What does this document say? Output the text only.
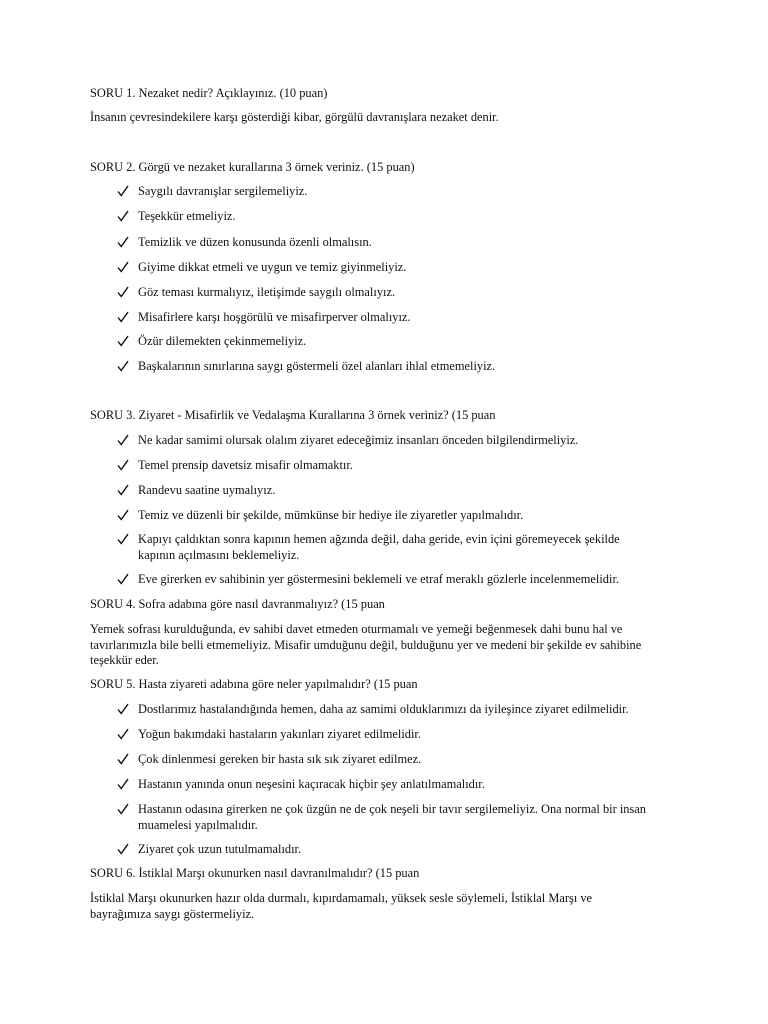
SORU 1. Nezaket nedir? Açıklayınız. (10 puan)
İnsanın çevresindekilere karşı gösterdiği kibar, görgülü davranışlara nezaket denir.
SORU 2. Görgü ve nezaket kurallarına 3 örnek veriniz. (15 puan)
Saygılı davranışlar sergilemeliyiz.
Teşekkür etmeliyiz.
Temizlik ve düzen konusunda özenli olmalısın.
Giyime dikkat etmeli ve uygun ve temiz giyinmeliyiz.
Göz teması kurmalıyız, iletişimde saygılı olmalıyız.
Misafirlere karşı hoşgörülü ve misafirperver olmalıyız.
Özür dilemekten çekinmemeliyiz.
Başkalarının sınırlarına saygı göstermeli özel alanları ihlal etmemeliyiz.
SORU 3. Ziyaret - Misafirlik ve Vedalaşma Kurallarına 3 örnek veriniz? (15 puan
Ne kadar samimi olursak olalım ziyaret edeceğimiz insanları önceden bilgilendirmeliyiz.
Temel prensip davetsiz misafir olmamaktır.
Randevu saatine uymalıyız.
Temiz ve düzenli bir şekilde, mümkünse bir hediye ile ziyaretler yapılmalıdır.
Kapıyı çaldıktan sonra kapının hemen ağzında değil, daha geride, evin içini göremeyecek şekilde kapının açılmasını beklemeliyiz.
Eve girerken ev sahibinin yer göstermesini beklemeli ve etraf meraklı gözlerle incelenmemelidir.
SORU 4. Sofra adabına göre nasıl davranmalıyız? (15 puan
Yemek sofrası kurulduğunda, ev sahibi davet etmeden oturmamalı ve yemeği beğenmesek dahi bunu hal ve tavırlarımızla bile belli etmemeliyiz. Misafir umduğunu değil, bulduğunu yer ve medeni bir şekilde ev sahibine teşekkür eder.
SORU 5. Hasta ziyareti adabına göre neler yapılmalıdır? (15 puan
Dostlarımız hastalandığında hemen, daha az samimi olduklarımızı da iyileşince ziyaret edilmelidir.
Yoğun bakımdaki hastaların yakınları ziyaret edilmelidir.
Çok dinlenmesi gereken bir hasta sık sık ziyaret edilmez.
Hastanın yanında onun neşesini kaçıracak hiçbir şey anlatılmamalıdır.
Hastanın odasına girerken ne çok üzgün ne de çok neşeli bir tavır sergilemeliyiz. Ona normal bir insan muamelesi yapılmalıdır.
Ziyaret çok uzun tutulmamalıdır.
SORU 6. İstiklal Marşı okunurken nasıl davranılmalıdır? (15 puan
İstiklal Marşı okunurken hazır olda durmalı, kıpırdamamalı, yüksek sesle söylemeli, İstiklal Marşı ve bayrağımıza saygı göstermeliyiz.
